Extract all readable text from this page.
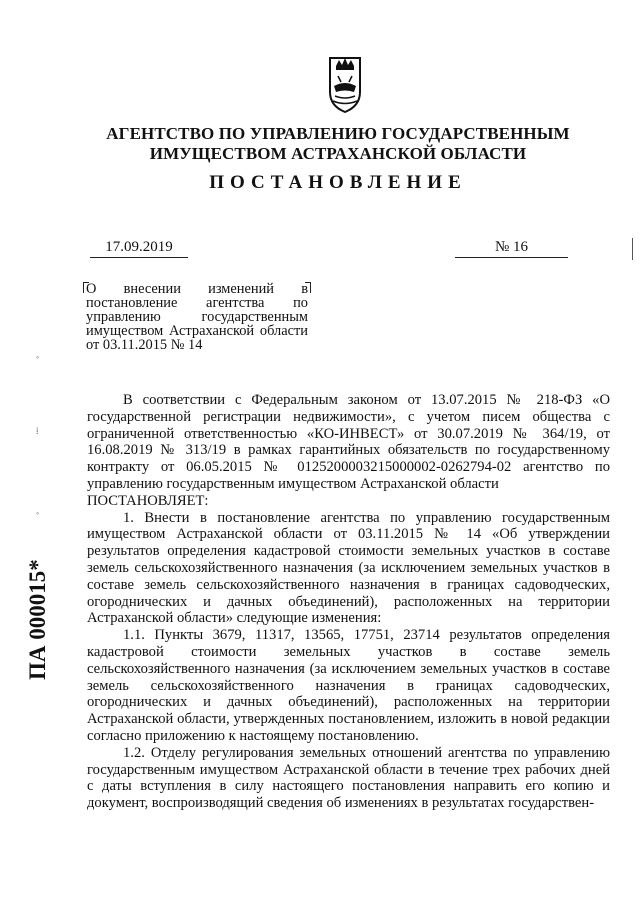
АГЕНТСТВО ПО УПРАВЛЕНИЮ ГОСУДАРСТВЕННЫМ
ИМУЩЕСТВОМ АСТРАХАНСКОЙ ОБЛАСТИ
ПОСТАНОВЛЕНИЕ
17.09.2019	№ 16
О внесении изменений в постановление агентства по управлению государственным имуществом Астраханской области от 03.11.2015 № 14
◦
⁞
◦
ПА 000015*

В соответствии с Федеральным законом от 13.07.2015 № 218-ФЗ «О государственной регистрации недвижимости», с учетом писем общества с ограниченной ответственностью «КО-ИНВЕСТ» от 30.07.2019 № 364/19, от 16.08.2019 № 313/19 в рамках гарантийных обязательств по государственному контракту от 06.05.2015 № 0125200003215000002-0262794-02 агентство по управлению государственным имуществом Астраханской области

ПОСТАНОВЛЯЕТ:

1. Внести в постановление агентства по управлению государственным имуществом Астраханской области от 03.11.2015 № 14 «Об утверждении результатов определения кадастровой стоимости земельных участков в составе земель сельскохозяйственного назначения (за исключением земельных участков в составе земель сельскохозяйственного назначения в границах садоводческих, огороднических и дачных объединений), расположенных на территории Астраханской области» следующие изменения:

1.1. Пункты 3679, 11317, 13565, 17751, 23714 результатов определения кадастровой стоимости земельных участков в составе земель сельскохозяйственного назначения (за исключением земельных участков в составе земель сельскохозяйственного назначения в границах садоводческих, огороднических и дачных объединений), расположенных на территории Астраханской области, утвержденных постановлением, изложить в новой редакции согласно приложению к настоящему постановлению.

1.2. Отделу регулирования земельных отношений агентства по управлению государственным имуществом Астраханской области в течение трех рабочих дней с даты вступления в силу настоящего постановления направить его копию и документ, воспроизводящий сведения об изменениях в результатах государствен-
